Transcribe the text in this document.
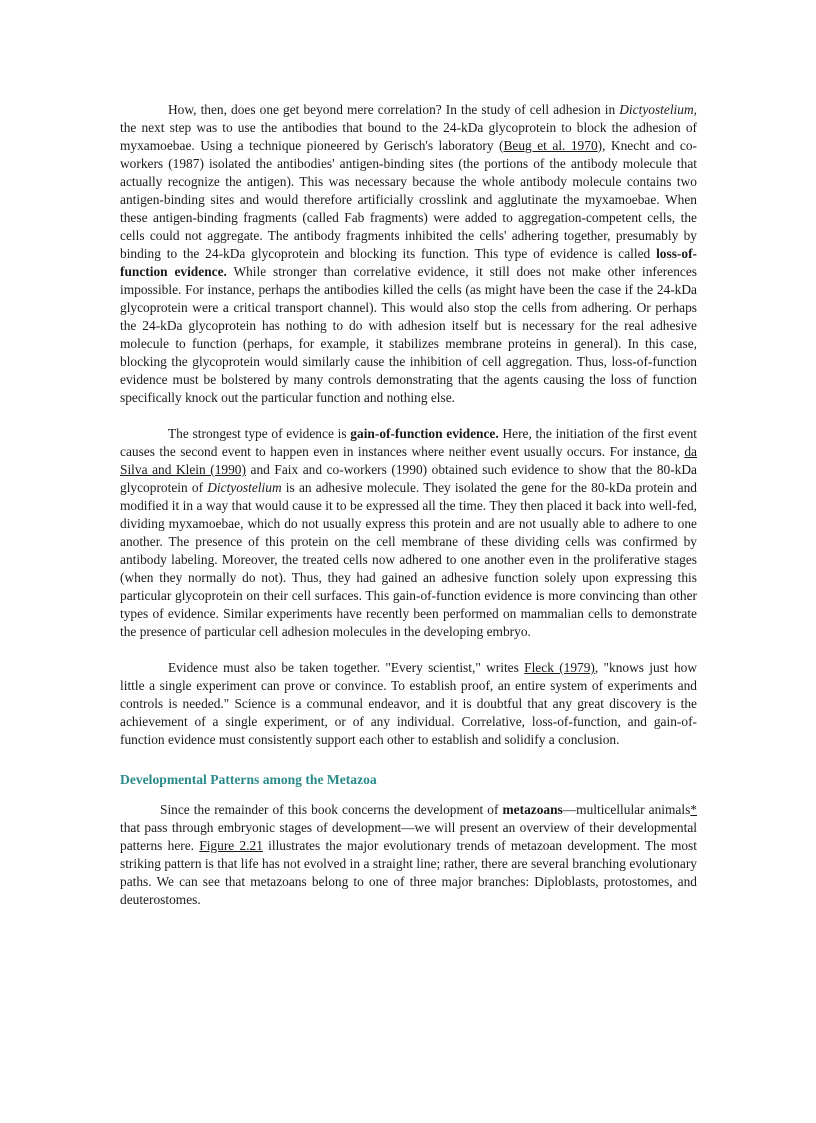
How, then, does one get beyond mere correlation? In the study of cell adhesion in Dictyostelium, the next step was to use the antibodies that bound to the 24-kDa glycoprotein to block the adhesion of myxamoebae. Using a technique pioneered by Gerisch's laboratory (Beug et al. 1970), Knecht and co-workers (1987) isolated the antibodies' antigen-binding sites (the portions of the antibody molecule that actually recognize the antigen). This was necessary because the whole antibody molecule contains two antigen-binding sites and would therefore artificially crosslink and agglutinate the myxamoebae. When these antigen-binding fragments (called Fab fragments) were added to aggregation-competent cells, the cells could not aggregate. The antibody fragments inhibited the cells' adhering together, presumably by binding to the 24-kDa glycoprotein and blocking its function. This type of evidence is called loss-of-function evidence. While stronger than correlative evidence, it still does not make other inferences impossible. For instance, perhaps the antibodies killed the cells (as might have been the case if the 24-kDa glycoprotein were a critical transport channel). This would also stop the cells from adhering. Or perhaps the 24-kDa glycoprotein has nothing to do with adhesion itself but is necessary for the real adhesive molecule to function (perhaps, for example, it stabilizes membrane proteins in general). In this case, blocking the glycoprotein would similarly cause the inhibition of cell aggregation. Thus, loss-of-function evidence must be bolstered by many controls demonstrating that the agents causing the loss of function specifically knock out the particular function and nothing else.

The strongest type of evidence is gain-of-function evidence. Here, the initiation of the first event causes the second event to happen even in instances where neither event usually occurs. For instance, da Silva and Klein (1990) and Faix and co-workers (1990) obtained such evidence to show that the 80-kDa glycoprotein of Dictyostelium is an adhesive molecule. They isolated the gene for the 80-kDa protein and modified it in a way that would cause it to be expressed all the time. They then placed it back into well-fed, dividing myxamoebae, which do not usually express this protein and are not usually able to adhere to one another. The presence of this protein on the cell membrane of these dividing cells was confirmed by antibody labeling. Moreover, the treated cells now adhered to one another even in the proliferative stages (when they normally do not). Thus, they had gained an adhesive function solely upon expressing this particular glycoprotein on their cell surfaces. This gain-of-function evidence is more convincing than other types of evidence. Similar experiments have recently been performed on mammalian cells to demonstrate the presence of particular cell adhesion molecules in the developing embryo.

Evidence must also be taken together. "Every scientist," writes Fleck (1979), "knows just how little a single experiment can prove or convince. To establish proof, an entire system of experiments and controls is needed." Science is a communal endeavor, and it is doubtful that any great discovery is the achievement of a single experiment, or of any individual. Correlative, loss-of-function, and gain-of-function evidence must consistently support each other to establish and solidify a conclusion.

Developmental Patterns among the Metazoa

Since the remainder of this book concerns the development of metazoans—multicellular animals* that pass through embryonic stages of development—we will present an overview of their developmental patterns here. Figure 2.21 illustrates the major evolutionary trends of metazoan development. The most striking pattern is that life has not evolved in a straight line; rather, there are several branching evolutionary paths. We can see that metazoans belong to one of three major branches: Diploblasts, protostomes, and deuterostomes.
